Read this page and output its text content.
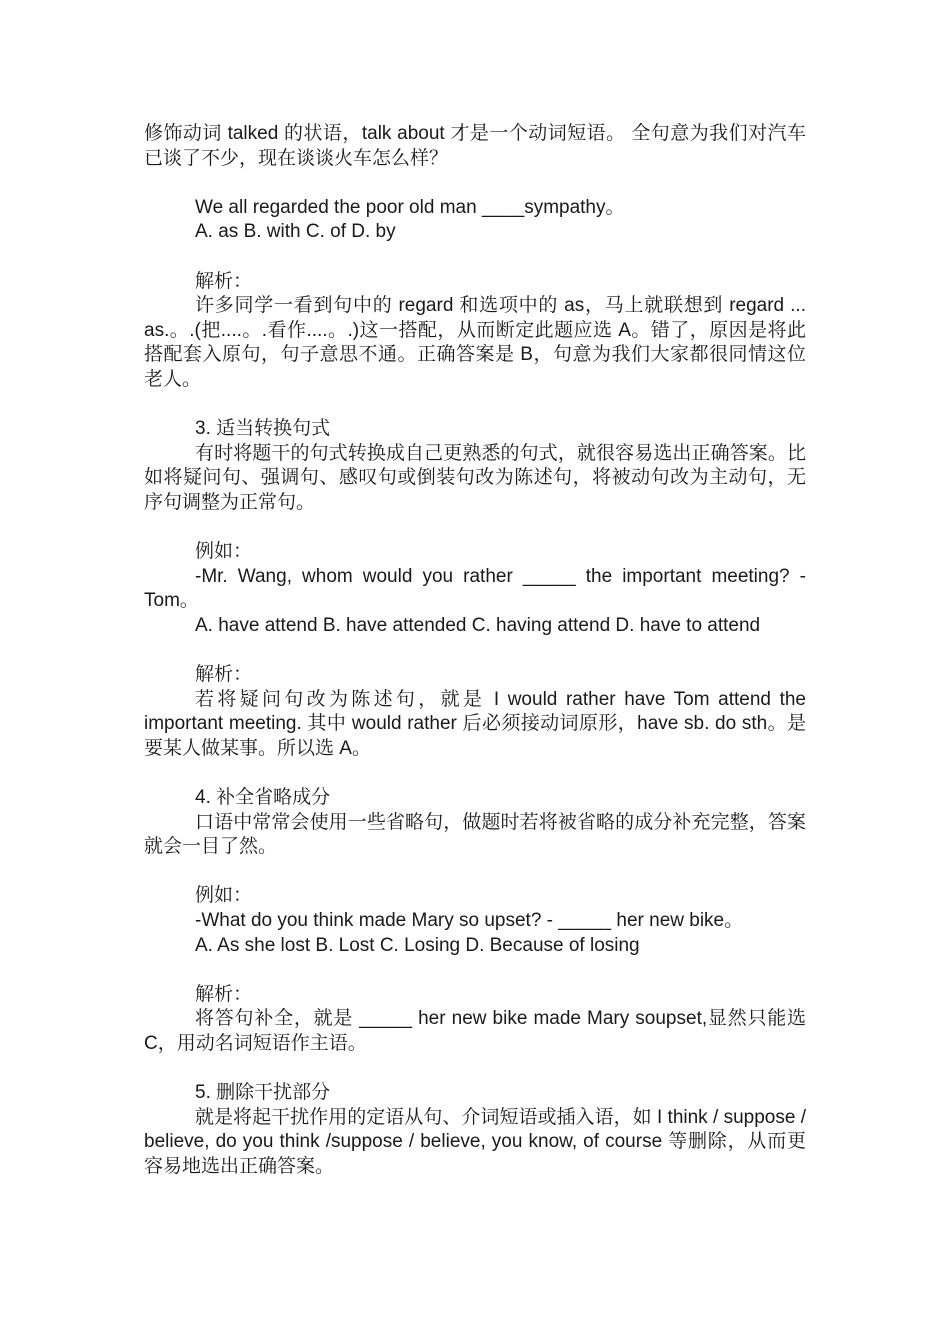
修饰动词 talked 的状语，talk about 才是一个动词短语。 全句意为我们对汽车已谈了不少，现在谈谈火车怎么样？

We all regarded the poor old man ____sympathy。

A. as B. with C. of D. by

解析：

许多同学一看到句中的 regard 和选项中的 as，马上就联想到 regard ... as.。.(把....。.看作....。.)这一搭配，从而断定此题应选 A。错了，原因是将此搭配套入原句，句子意思不通。正确答案是 B，句意为我们大家都很同情这位老人。

3. 适当转换句式

有时将题干的句式转换成自己更熟悉的句式，就很容易选出正确答案。比如将疑问句、强调句、感叹句或倒装句改为陈述句，将被动句改为主动句，无序句调整为正常句。

例如：

-Mr. Wang, whom would you rather _____ the important meeting? -Tom。

A. have attend B. have attended C. having attend D. have to attend

解析：

若将疑问句改为陈述句，就是 I would rather have Tom attend the important meeting. 其中 would rather 后必须接动词原形，have sb. do sth。是要某人做某事。所以选 A。

4. 补全省略成分

口语中常常会使用一些省略句，做题时若将被省略的成分补充完整，答案就会一目了然。

例如：

-What do you think made Mary so upset? - _____ her new bike。

A. As she lost B. Lost C. Losing D. Because of losing

解析：

将答句补全，就是 _____ her new bike made Mary soupset,显然只能选 C，用动名词短语作主语。

5. 删除干扰部分

就是将起干扰作用的定语从句、介词短语或插入语，如 I think / suppose / believe, do you think /suppose / believe, you know, of course 等删除，从而更容易地选出正确答案。
